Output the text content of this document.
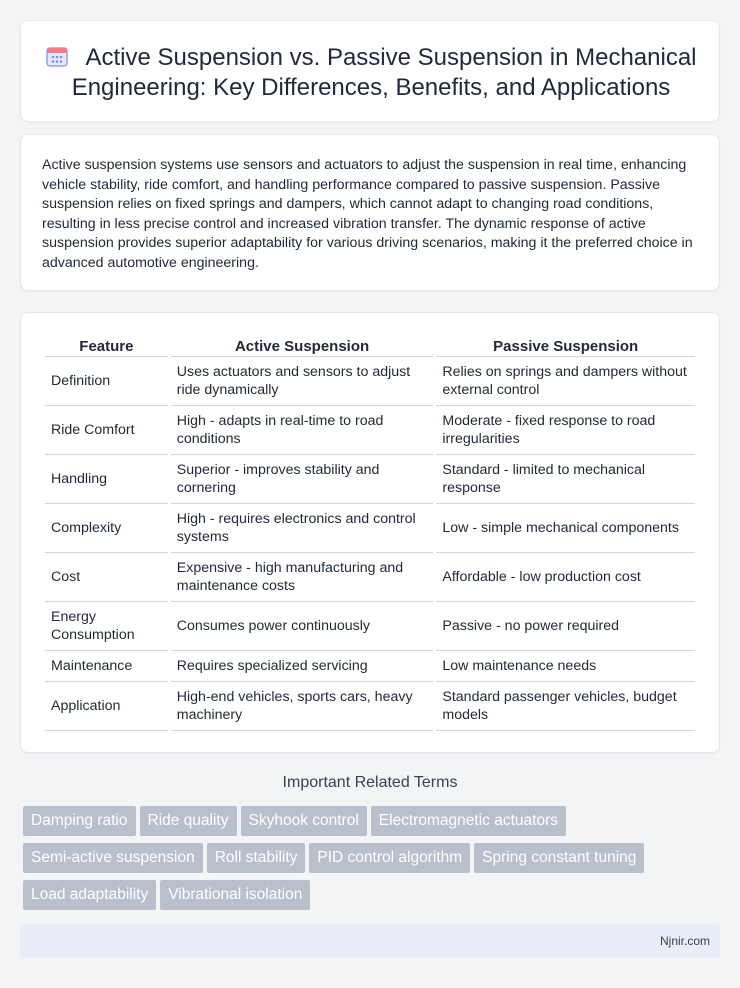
Active Suspension vs. Passive Suspension in Mechanical Engineering: Key Differences, Benefits, and Applications

Active suspension systems use sensors and actuators to adjust the suspension in real time, enhancing vehicle stability, ride comfort, and handling performance compared to passive suspension. Passive suspension relies on fixed springs and dampers, which cannot adapt to changing road conditions, resulting in less precise control and increased vibration transfer. The dynamic response of active suspension provides superior adaptability for various driving scenarios, making it the preferred choice in advanced automotive engineering.

Feature	Active Suspension	Passive Suspension
Definition	Uses actuators and sensors to adjust ride dynamically	Relies on springs and dampers without external control
Ride Comfort	High - adapts in real-time to road conditions	Moderate - fixed response to road irregularities
Handling	Superior - improves stability and cornering	Standard - limited to mechanical response
Complexity	High - requires electronics and control systems	Low - simple mechanical components
Cost	Expensive - high manufacturing and maintenance costs	Affordable - low production cost
Energy Consumption	Consumes power continuously	Passive - no power required
Maintenance	Requires specialized servicing	Low maintenance needs
Application	High-end vehicles, sports cars, heavy machinery	Standard passenger vehicles, budget models
Important Related Terms
Damping ratio Ride quality Skyhook control Electromagnetic actuators
Semi-active suspension Roll stability PID control algorithm Spring constant tuning
Load adaptability Vibrational isolation
Njnir.com
